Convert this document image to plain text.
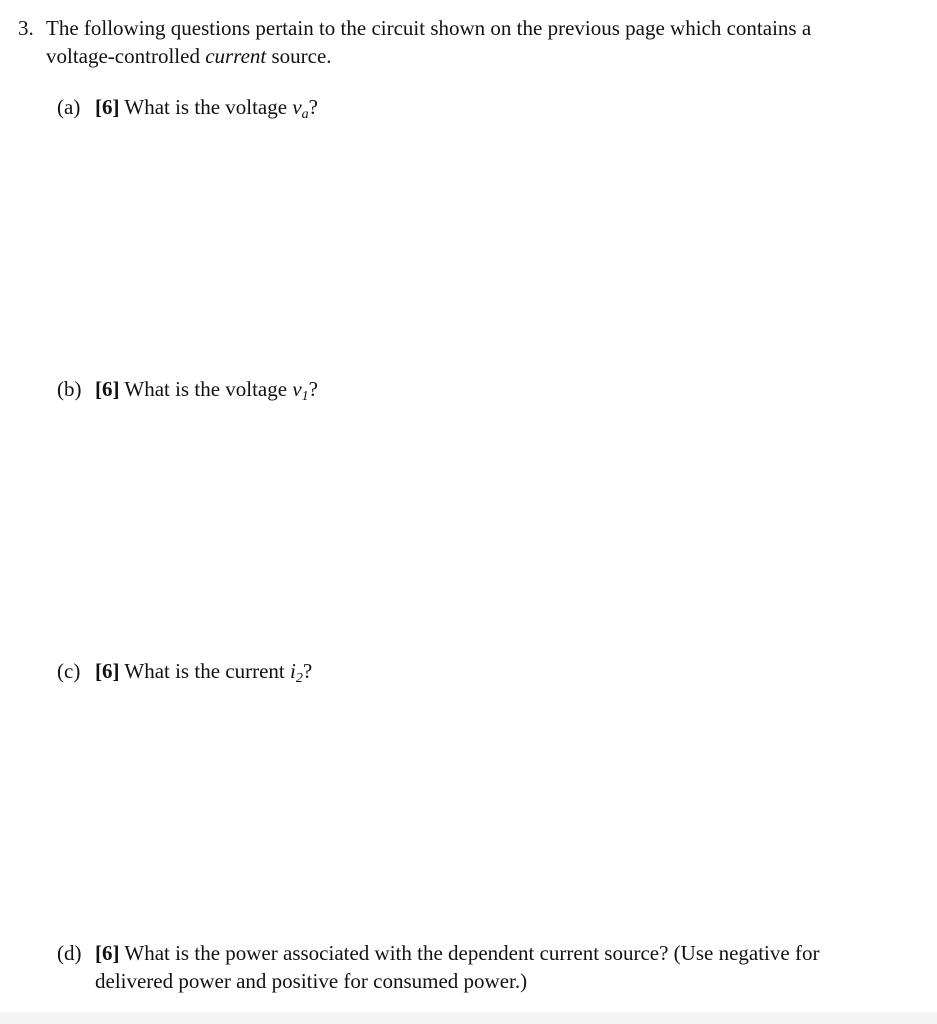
3. The following questions pertain to the circuit shown on the previous page which contains a
voltage-controlled current source.
(a) [6] What is the voltage $v_a$?
(b) [6] What is the voltage $v_1$?
(c) [6] What is the current $i_2$?
(d) [6] What is the power associated with the dependent current source? (Use negative for
delivered power and positive for consumed power.)
